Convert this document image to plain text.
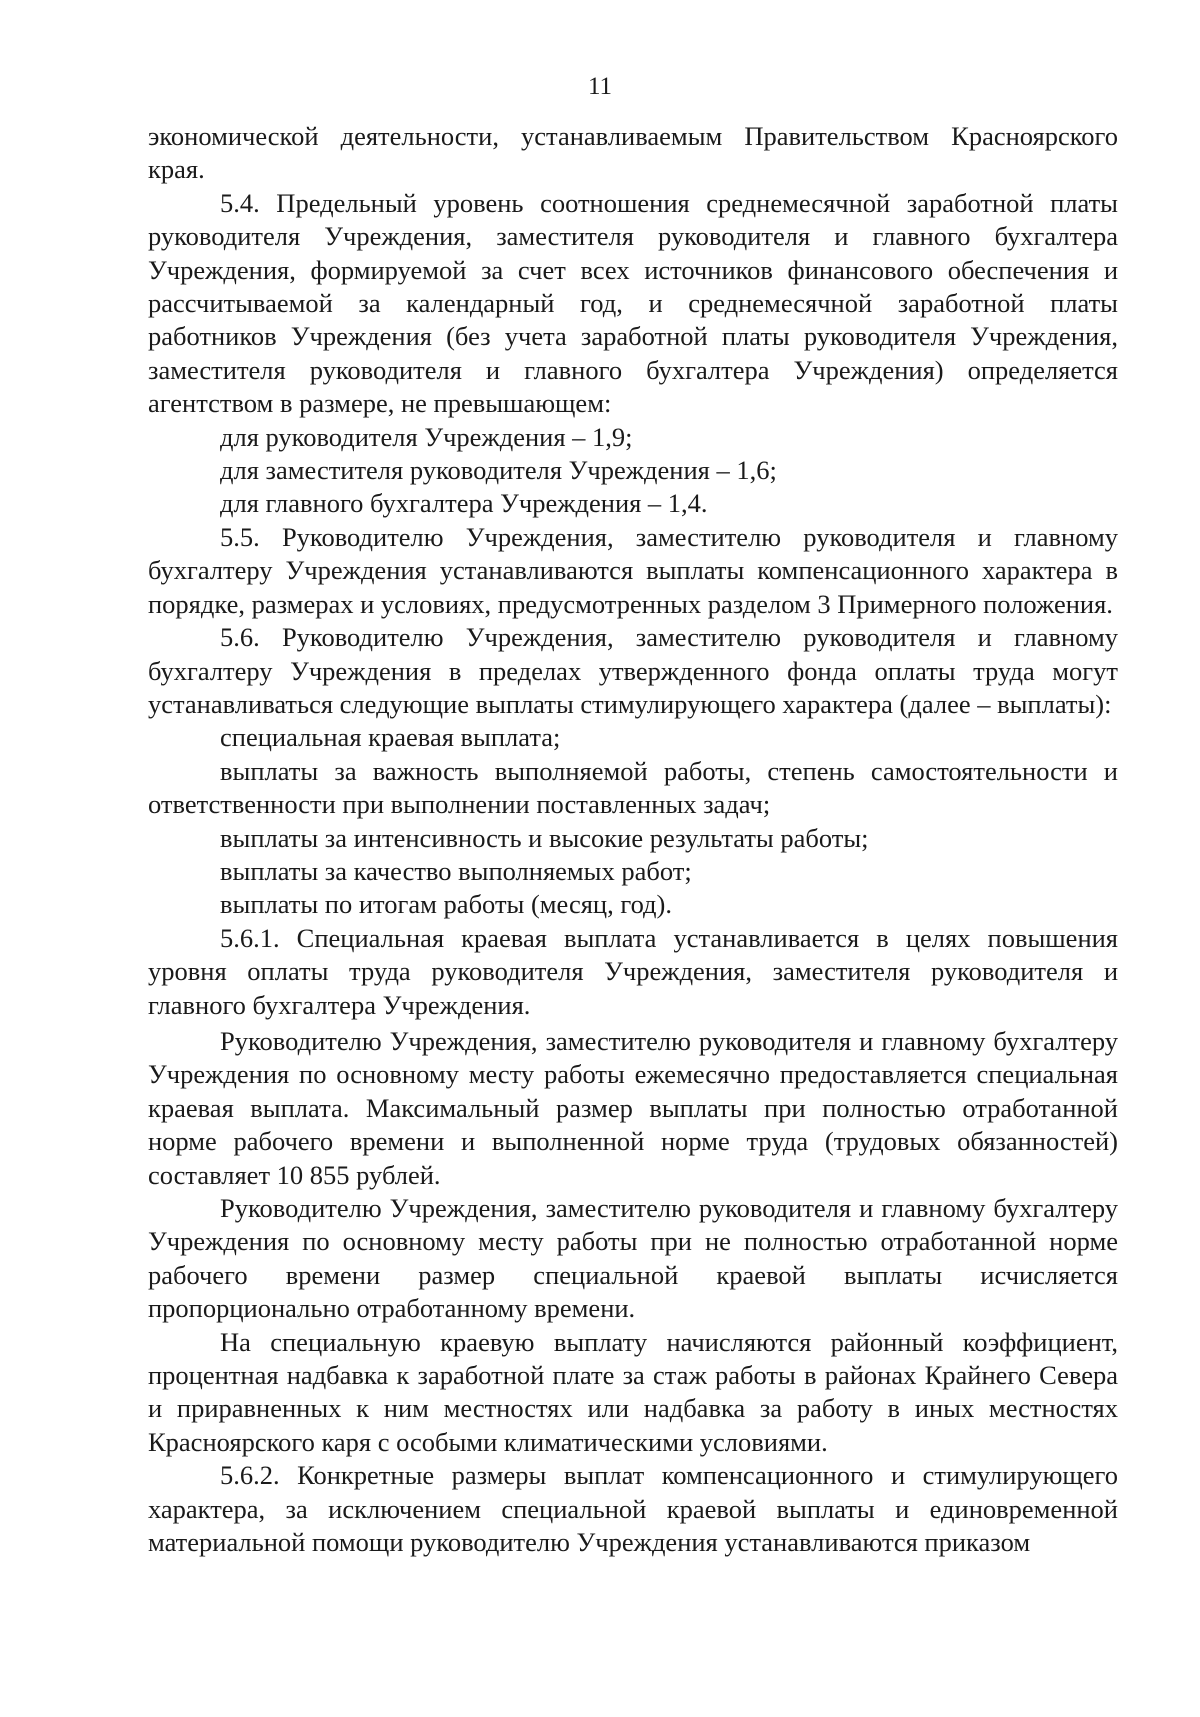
11

экономической деятельности, устанавливаемым Правительством Красноярского края.

5.4. Предельный уровень соотношения среднемесячной заработной платы руководителя Учреждения, заместителя руководителя и главного бухгалтера Учреждения, формируемой за счет всех источников финансового обеспечения и рассчитываемой за календарный год, и среднемесячной заработной платы работников Учреждения (без учета заработной платы руководителя Учреждения, заместителя руководителя и главного бухгалтера Учреждения) определяется агентством в размере, не превышающем:

для руководителя Учреждения – 1,9;

для заместителя руководителя Учреждения – 1,6;

для главного бухгалтера Учреждения – 1,4.

5.5. Руководителю Учреждения, заместителю руководителя и главному бухгалтеру Учреждения устанавливаются выплаты компенсационного характера в порядке, размерах и условиях, предусмотренных разделом 3 Примерного положения.

5.6. Руководителю Учреждения, заместителю руководителя и главному бухгалтеру Учреждения в пределах утвержденного фонда оплаты труда могут устанавливаться следующие выплаты стимулирующего характера (далее – выплаты):

специальная краевая выплата;

выплаты за важность выполняемой работы, степень самостоятельности и ответственности при выполнении поставленных задач;

выплаты за интенсивность и высокие результаты работы;

выплаты за качество выполняемых работ;

выплаты по итогам работы (месяц, год).

5.6.1. Специальная краевая выплата устанавливается в целях повышения уровня оплаты труда руководителя Учреждения, заместителя руководителя и главного бухгалтера Учреждения.

Руководителю Учреждения, заместителю руководителя и главному бухгалтеру Учреждения по основному месту работы ежемесячно предоставляется специальная краевая выплата. Максимальный размер выплаты при полностью отработанной норме рабочего времени и выполненной норме труда (трудовых обязанностей) составляет 10 855 рублей.

Руководителю Учреждения, заместителю руководителя и главному бухгалтеру Учреждения по основному месту работы при не полностью отработанной норме рабочего времени размер специальной краевой выплаты исчисляется пропорционально отработанному времени.

На специальную краевую выплату начисляются районный коэффициент, процентная надбавка к заработной плате за стаж работы в районах Крайнего Севера и приравненных к ним местностях или надбавка за работу в иных местностях Красноярского каря с особыми климатическими условиями.

5.6.2. Конкретные размеры выплат компенсационного и стимулирующего характера, за исключением специальной краевой выплаты и единовременной материальной помощи руководителю Учреждения устанавливаются приказом
